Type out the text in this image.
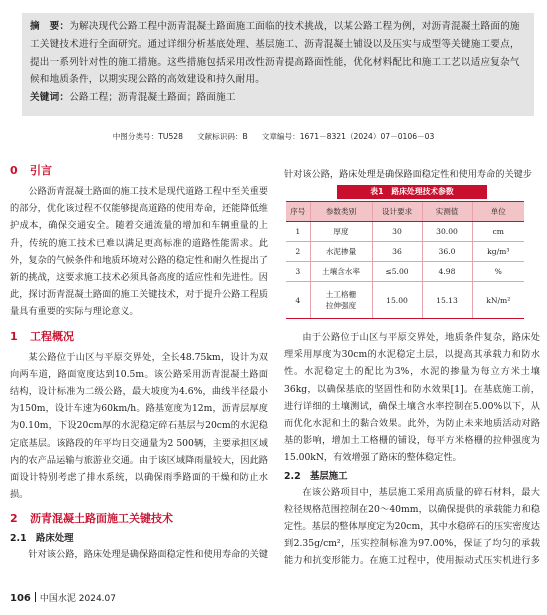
摘　要：为解决现代公路工程中沥青混凝土路面施工面临的技术挑战，以某公路工程为例，对沥青混凝土路面的施工关键技术进行全面研究。通过详细分析基底处理、基层施工、沥青混凝土铺设以及压实与成型等关键施工要点，提出一系列针对性的施工措施。这些措施包括采用改性沥青提高路面性能，优化材料配比和施工工艺以适应复杂气候和地质条件，以期实现公路的高效建设和持久耐用。
关键词：公路工程；沥青混凝土路面；路面施工
中图分类号：TU528 文献标识码：B 文章编号：1671－8321（2024）07－0106－03
0 引言

公路沥青混凝土路面的施工技术是现代道路工程中至关重要的部分，优化该过程不仅能够提高道路的使用寿命，还能降低维护成本，确保交通安全。随着交通流量的增加和车辆重量的上升，传统的施工技术已难以满足更高标准的道路性能需求。此外，复杂的气候条件和地质环境对公路的稳定性和耐久性提出了新的挑战，这要求施工技术必须具备高度的适应性和先进性。因此，探讨沥青混凝土路面的施工关键技术，对于提升公路工程质量具有重要的实际与理论意义。

1 工程概况

某公路位于山区与平原交界处，全长48.75km，设计为双向两车道，路面宽度达到10.5m。该公路采用沥青混凝土路面结构，设计标准为二级公路，最大坡度为4.6%，曲线半径最小为150m，设计车速为60km/h。路基宽度为12m，沥青层厚度为0.10m，下设20cm厚的水泥稳定碎石基层与20cm的水泥稳定底基层。该路段的年平均日交通量为2 500辆，主要承担区域内的农产品运输与旅游业交通。由于该区域降雨量较大，因此路面设计特别考虑了排水系统，以确保雨季路面的干燥和防止水损。

2 沥青混凝土路面施工关键技术
2.1 路床处理

针对该公路，路床处理是确保路面稳定性和使用寿命的关键

针对该公路，路床处理是确保路面稳定性和使用寿命的关键步

表1　 路床处理技术参数
序号	参数类别	设计要求	实测值	单位
1	厚度	30	30.00	cm
2	水泥掺量	36	36.0	kg/m³
3	土壤含水率	≤5.00	4.98	%
4	土工格栅
拉伸强度	15.00	15.13	kN/m²

由于公路位于山区与平原交界处，地质条件复杂，路床处理采用厚度为30cm的水泥稳定土层，以提高其承载力和防水性。水泥稳定土的配比为3%，水泥的掺量为每立方米土壤36kg，以确保基底的坚固性和防水效果[1]。在基底施工前，进行详细的土壤测试，确保土壤含水率控制在5.00%以下，从而优化水泥和土的黏合效果。此外，为防止未来地质活动对路基的影响，增加土工格栅的铺设，每平方米格栅的拉伸强度为15.00kN，有效增强了路床的整体稳定性。

2.2 基层施工

在该公路项目中，基层施工采用高质量的碎石材料，最大粒径规格范围控制在20～40mm，以确保提供的承载能力和稳定性。基层的整体厚度定为20cm，其中水稳碎石的压实密度达到2.35g/cm²，压实控制标准为97.00%，保证了均匀的承载能力和抗变形能力。在施工过程中，使用振动式压实机进行多

106 中国水泥 2024.07
